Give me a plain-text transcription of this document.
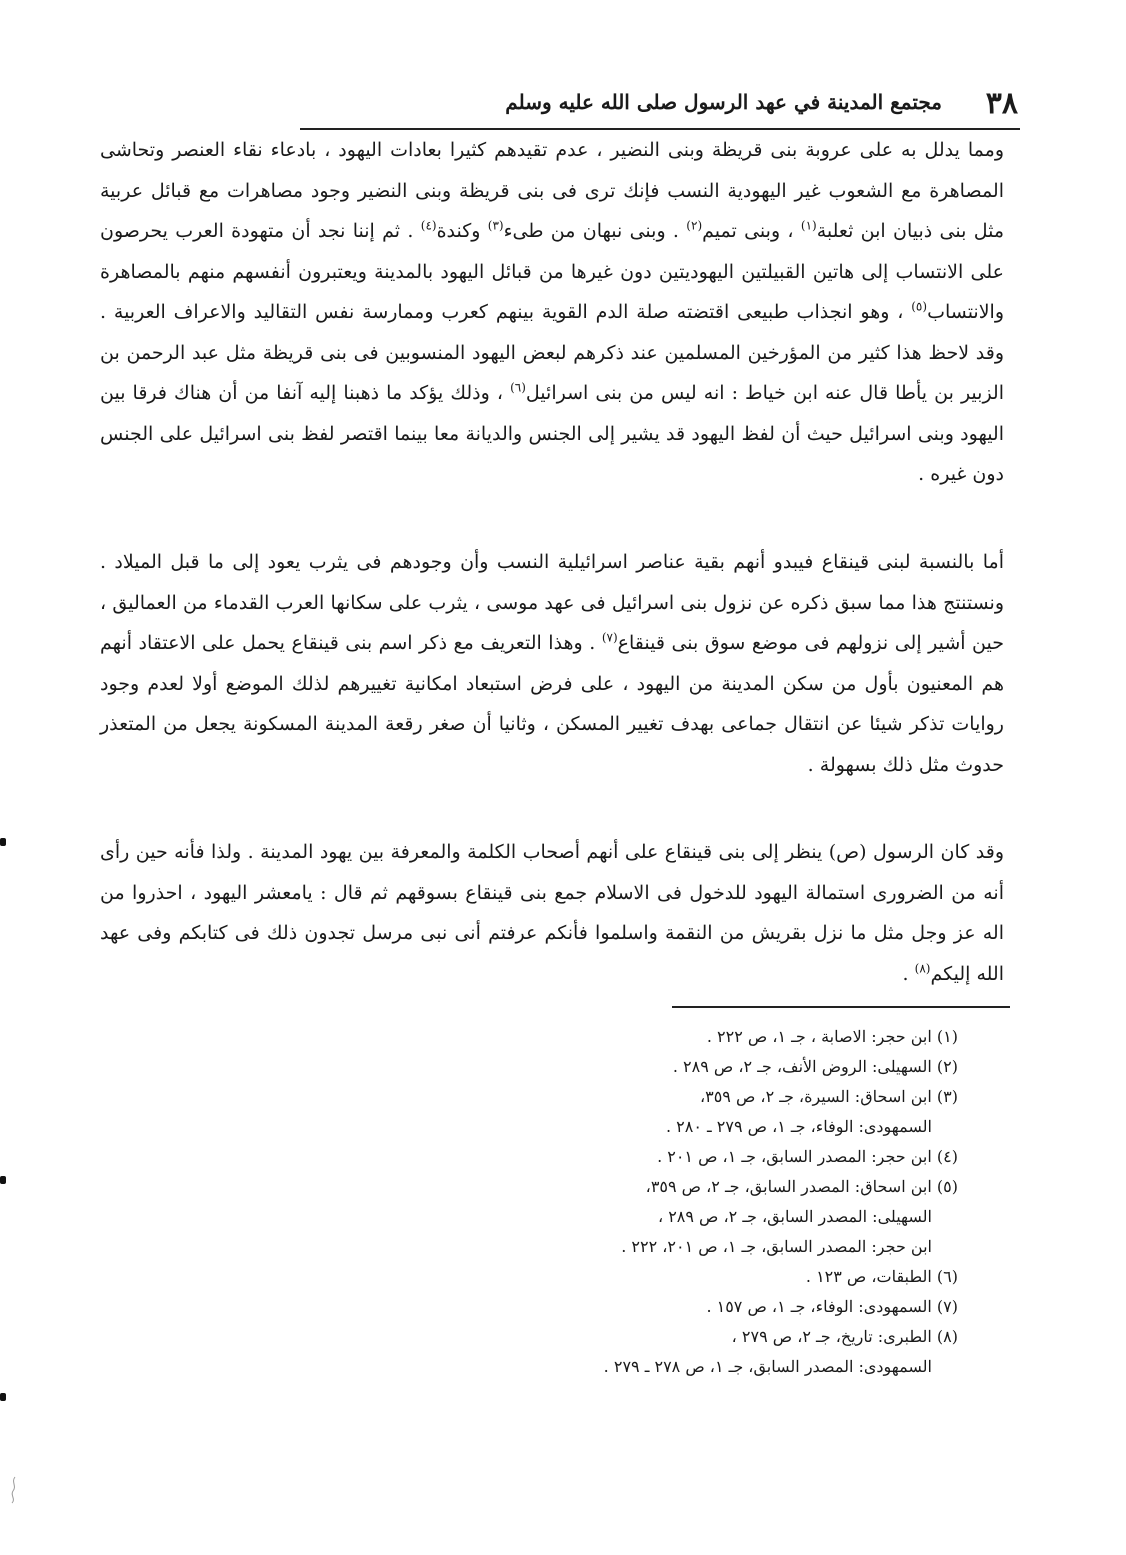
٣٨
مجتمع المدينة في عهد الرسول صلى الله عليه وسلم

ومما يدلل به على عروبة بنى قريظة وبنى النضير ، عدم تقيدهم كثيرا بعادات اليهود ، بادعاء نقاء العنصر وتحاشى المصاهرة مع الشعوب غير اليهودية النسب فإنك ترى فى بنى قريظة وبنى النضير وجود مصاهرات مع قبائل عربية مثل بنى ذبيان ابن ثعلبة$^{(١)}$ ، وبنى تميم$^{(٢)}$ . وبنى نبهان من طىء$^{(٣)}$ وكندة$^{(٤)}$ . ثم إننا نجد أن متهودة العرب يحرصون على الانتساب إلى هاتين القبيلتين اليهوديتين دون غيرها من قبائل اليهود بالمدينة ويعتبرون أنفسهم منهم بالمصاهرة والانتساب$^{(٥)}$ ، وهو انجذاب طبيعى اقتضته صلة الدم القوية بينهم كعرب وممارسة نفس التقاليد والاعراف العربية . وقد لاحظ هذا كثير من المؤرخين المسلمين عند ذكرهم لبعض اليهود المنسوبين فى بنى قريظة مثل عبد الرحمن بن الزبير بن يأطا قال عنه ابن خياط : انه ليس من بنى اسرائيل$^{(٦)}$ ، وذلك يؤكد ما ذهبنا إليه آنفا من أن هناك فرقا بين اليهود وبنى اسرائيل حيث أن لفظ اليهود قد يشير إلى الجنس والديانة معا بينما اقتصر لفظ بنى اسرائيل على الجنس دون غيره .

أما بالنسبة لبنى قينقاع فيبدو أنهم بقية عناصر اسرائيلية النسب وأن وجودهم فى يثرب يعود إلى ما قبل الميلاد . ونستنتج هذا مما سبق ذكره عن نزول بنى اسرائيل فى عهد موسى ، يثرب على سكانها العرب القدماء من العماليق ، حين أشير إلى نزولهم فى موضع سوق بنى قينقاع$^{(٧)}$ . وهذا التعريف مع ذكر اسم بنى قينقاع يحمل على الاعتقاد أنهم هم المعنيون بأول من سكن المدينة من اليهود ، على فرض استبعاد امكانية تغييرهم لذلك الموضع أولا لعدم وجود روايات تذكر شيئا عن انتقال جماعى بهدف تغيير المسكن ، وثانيا أن صغر رقعة المدينة المسكونة يجعل من المتعذر حدوث مثل ذلك بسهولة .

وقد كان الرسول (ص) ينظر إلى بنى قينقاع على أنهم أصحاب الكلمة والمعرفة بين يهود المدينة . ولذا فأنه حين رأى أنه من الضرورى استمالة اليهود للدخول فى الاسلام جمع بنى قينقاع بسوقهم ثم قال : يامعشر اليهود ، احذروا من اله عز وجل مثل ما نزل بقريش من النقمة واسلموا فأنكم عرفتم أنى نبى مرسل تجدون ذلك فى كتابكم وفى عهد الله إليكم$^{(٨)}$ .

(١) ابن حجر: الاصابة ، جـ ١، ص ٢٢٢ .
(٢) السهيلى: الروض الأنف، جـ ٢، ص ٢٨٩ .
(٣) ابن اسحاق: السيرة، جـ ٢، ص ٣٥٩،
السمهودى: الوفاء، جـ ١، ص ٢٧٩ ـ ٢٨٠ .
(٤) ابن حجر: المصدر السابق، جـ ١، ص ٢٠١ .
(٥) ابن اسحاق: المصدر السابق، جـ ٢، ص ٣٥٩،
السهيلى: المصدر السابق، جـ ٢، ص ٢٨٩ ،
ابن حجر: المصدر السابق، جـ ١، ص ٢٠١، ٢٢٢ .
(٦) الطبقات، ص ١٢٣ .
(٧) السمهودى: الوفاء، جـ ١، ص ١٥٧ .
(٨) الطبرى: تاريخ، جـ ٢، ص ٢٧٩ ،
السمهودى: المصدر السابق، جـ ١، ص ٢٧٨ ـ ٢٧٩ .
